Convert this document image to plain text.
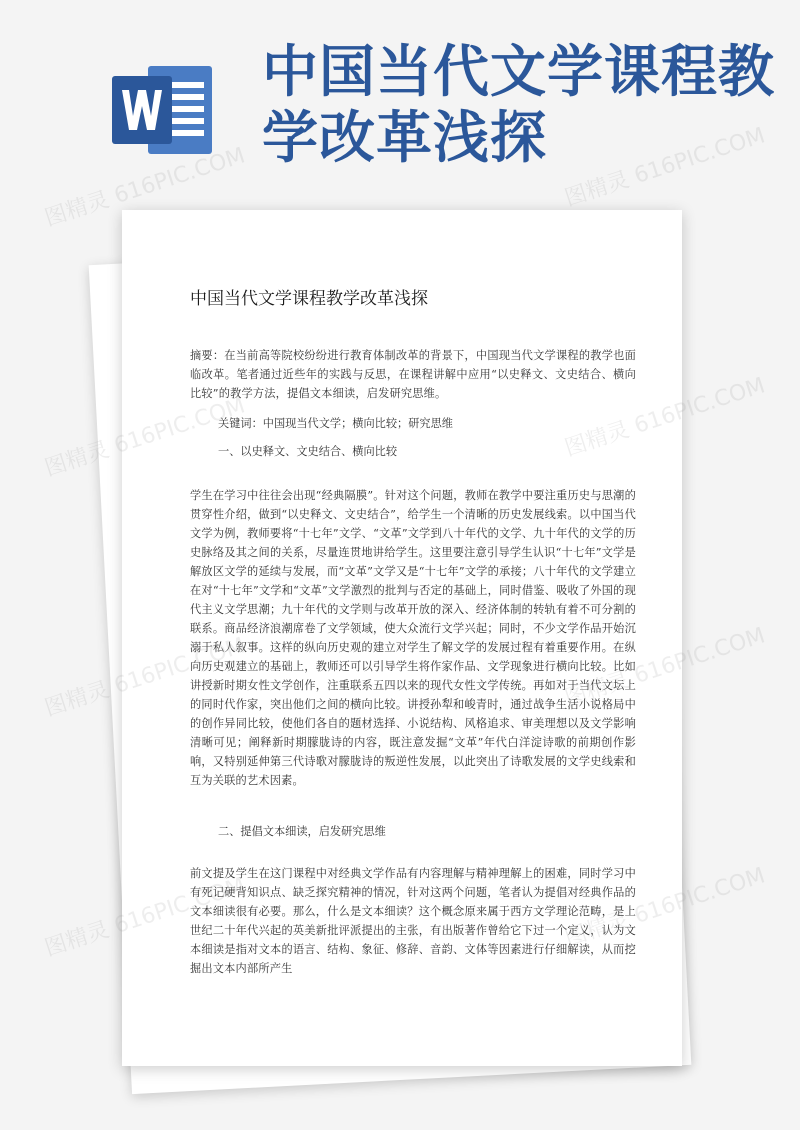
中国当代文学课程教学改革浅探
中国当代文学课程教学改革浅探
摘要：在当前高等院校纷纷进行教育体制改革的背景下，中国现当代文学课程的教学也面临改革。笔者通过近些年的实践与反思，在课程讲解中应用“以史释文、文史结合、横向比较”的教学方法，提倡文本细读，启发研究思维。
关键词：中国现当代文学；横向比较；研究思维
一、以史释文、文史结合、横向比较
学生在学习中往往会出现“经典隔膜”。针对这个问题，教师在教学中要注重历史与思潮的贯穿性介绍，做到“以史释文、文史结合”，给学生一个清晰的历史发展线索。以中国当代文学为例，教师要将“十七年”文学、“文革”文学到八十年代的文学、九十年代的文学的历史脉络及其之间的关系，尽量连贯地讲给学生。这里要注意引导学生认识“十七年”文学是解放区文学的延续与发展，而“文革”文学又是“十七年”文学的承接；八十年代的文学建立在对“十七年”文学和“文革”文学激烈的批判与否定的基础上，同时借鉴、吸收了外国的现代主义文学思潮；九十年代的文学则与改革开放的深入、经济体制的转轨有着不可分割的联系。商品经济浪潮席卷了文学领域，使大众流行文学兴起；同时，不少文学作品开始沉溺于私人叙事。这样的纵向历史观的建立对学生了解文学的发展过程有着重要作用。在纵向历史观建立的基础上，教师还可以引导学生将作家作品、文学现象进行横向比较。比如讲授新时期女性文学创作，注重联系五四以来的现代女性文学传统。再如对于当代文坛上的同时代作家，突出他们之间的横向比较。讲授孙犁和峻青时，通过战争生活小说格局中的创作异同比较，使他们各自的题材选择、小说结构、风格追求、审美理想以及文学影响清晰可见；阐释新时期朦胧诗的内容，既注意发掘“文革”年代白洋淀诗歌的前期创作影响，又特别延伸第三代诗歌对朦胧诗的叛逆性发展，以此突出了诗歌发展的文学史线索和互为关联的艺术因素。
二、提倡文本细读，启发研究思维
前文提及学生在这门课程中对经典文学作品有内容理解与精神理解上的困难，同时学习中有死记硬背知识点、缺乏探究精神的情况，针对这两个问题，笔者认为提倡对经典作品的文本细读很有必要。那么，什么是文本细读？这个概念原来属于西方文学理论范畴，是上世纪二十年代兴起的英美新批评派提出的主张，有出版著作曾给它下过一个定义，认为文本细读是指对文本的语言、结构、象征、修辞、音韵、文体等因素进行仔细解读，从而挖掘出文本内部所产生
图精灵 616PIC.COM	图精灵 616PIC.COM
图精灵
616PIC.COM
图精灵
616PIC.COM
图精灵
616PIC.COM
